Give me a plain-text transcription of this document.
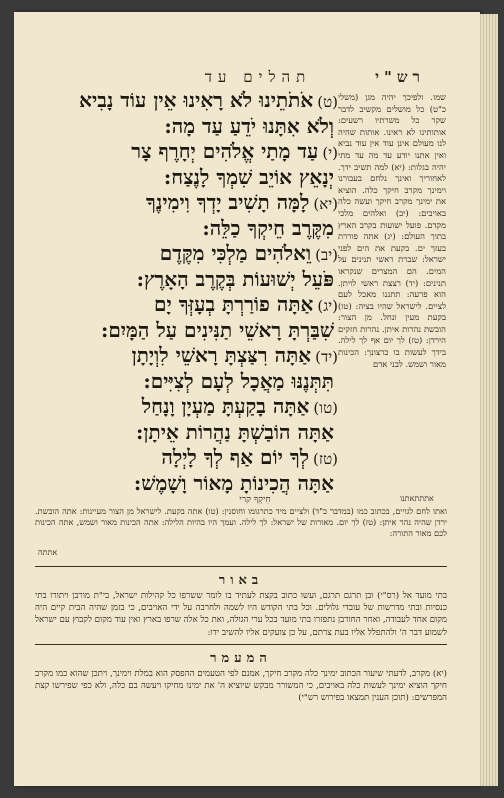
תהלים עד	רש"י
(ט)אֹתֹתֵינוּ לֹא רָאִינוּ אֵין עוֹד נָבִיא
וְלֹא אִתָּנוּ יֹדֵעַ עַד מָה:
(י)עַד מָתַי אֱלֹהִים יְחָרֶף צָר
יְנָאֵץ אוֹיֵב שִׁמְךָ לָנֶצַח:
(יא)לָמָּה תָשִׁיב יָדְךָ וִימִינֶךָ
מִקֶּרֶב חֵיקְךָ כַלֵּה:
(יב)וֵאלֹהִים מַלְכִּי מִקֶּדֶם
פֹּעֵל יְשׁוּעוֹת בְּקֶרֶב הָאָרֶץ:
(יג)אַתָּה פוֹרַרְתָּ בְעָזְּךָ יָם
שִׁבַּרְתָּ רָאשֵׁי תַנִּינִים עַל הַמָּיִם:
(יד)אַתָּה רִצַּצְתָּ רָאשֵׁי לִוְיָתָן
תִּתְּנֶנּוּ מַאֲכָל לְעָם לְצִיִּים:
(טו)אַתָּה בָקַעְתָּ מַעְיָן וָנָחַל
אַתָּה הוֹבַשְׁתָּ נַהֲרוֹת אֵיתָן:
(טז)לְךָ יוֹם אַף לְךָ לָיְלָה
אַתָּה הֲכִינוֹתָ מָאוֹר וָשָׁמֶשׁ:
שמו. ולפיכך יהיה מגן (משלי כ"ט) כל מושלים מקשיב לדבר שקר כל משרתיו רשעים: אותותינו לא ראינו. אותות שהיה לנו מעולם אינן עוד אין עוד נביא ואין אתנו יודע עד מה עד מתי יהיה בגלות: (יא) למה תשיב ידך. לאחוריך ואינך נלחם בעבורנו וימינך מקרב חיקך כלה. הוציא את ימינך מקרב חיקך ועשה כלה באויבים: (יב) ואלהים מלכי מקדם. פועל ישועות בקרב הארץ בתוך העולם: (יג) אתה פוררת בעזך ים. בקעת את הים לפני ישראל: שברת ראשי תנינים על המים. הם המצרים שנקראו תנינים: (יד) רצצת ראשי לויתן. הוא פרעה: תתננו מאכל לעם לציים. לישראל שהיו בציה: (טו) בקעת מעין ונחל. מן הצור: הובשת נהרות איתן. נהרות חזקים הירדן: (טז) לך יום אף לך לילה. בידך לעשות בו כרצונך: הכינות מאור ושמש. לבני אדם
חִיקְךָ קרי	אתתתאתנו
ואתו לחם לגויים, בכתוב כמו (במדבר כ"ד) ולציים מיד כתרגומו וחוסנין: (טו) אתה בקעת. לישראל מן הצור מעיינות: אתה הובשת. ירדן שהיה נהר איתן: (טז) לך יום. מאורות של ישראל: לך לילה. ועמך היו בהיות הלילה: אתה הכינות מאור ושמש, אתה הכינות לכם מאור התורה:
אתתה
באור
בתי מועד אל (רס"י) ובן תרגם תרגם, ועשו כתוב בקצת לעתיד בו לומר ששרפו כל קהילות ישראל, בי"ת מורבן ויתורו בתי כנסיות ובתי מדרשות של עובדי גלולים. וכל בתי הקודש היו לשמה ולחרבה על ידי האויבים, כי בזמן שהיה הבית קיים היה מקום אחד לעבודה, ואחר החורבן נתפזרו בתי מועד בכל ערי הגולה, ואת כל אלה שרפו בארץ ואין עוד מקום לקבוץ עם ישראל לשמוע דבר ה' ולהתפלל אליו בעת צרתם, על כן צועקים אליו להשיב ידו:
המעמר
(יא) מקרב, לדעתי שיעור הכתוב ימינך כלה מקרב חיקך, אמנם לפי הטעמים ההפסק הוא במלת וימינך, ויתכן שהוא כמו מקרב חיקך הוציא ימינך לעשות כלה באויבים, כי המשורר מבקש שיוציא ה' את ימינו מחיקו ויעשה בם כלה, ולא כפי שפירשו קצת המפרשים: (תוכן הענין תמצאו בפירוש רש"י)
